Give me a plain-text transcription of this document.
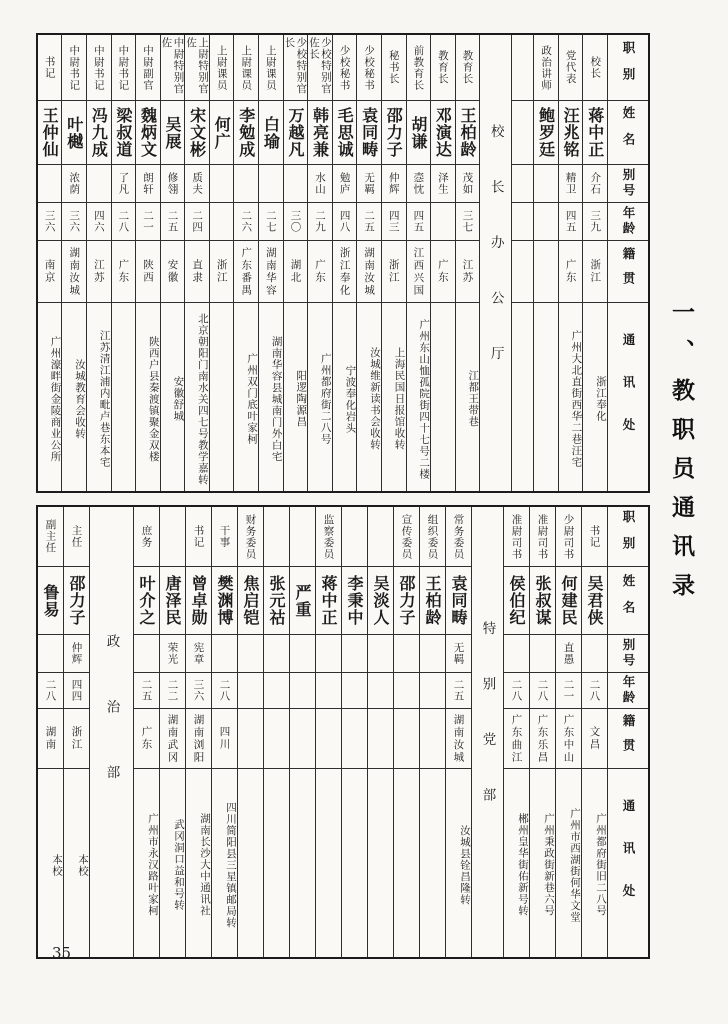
职别
姓名
别号
年龄
籍贯
通讯处
校长
蒋中正
介石
三九
浙江
浙江奉化
党代表
汪兆铭
精卫
四五
广东
广州大北直街西华二巷汪宅
政治讲师
鲍罗廷
校长办公厅
教育长
王柏龄
茂如
三七
江苏
江都王带巷
教育长
邓演达
泽生
广东
前教育长
胡谦
悫忱
四五
江西兴国
广州东山恤孤院街四十七号二楼
秘书长
邵力子
仲辉
四三
浙江
上海民国日报馆收转
少校秘书
袁同畴
无羁
二五
湖南汝城
汝城维新读书会收转
少校秘书
毛思诚
勉庐
四八
浙江奉化
宁波奉化岩头
少校特别官佐长
韩亮兼
水山
二九
广东
广州都府街二八号
少校特别官长
万越凡
三〇
湖北
阳逻陶源昌
上尉课员
白瑜
二七
湖南华容
湖南华容县城南门外白宅
上尉课员
李勉成
二六
广东番禺
广州双门底叶家柯
上尉课员
何广
浙江
上尉特别官佐
宋文彬
质夫
二四
直隶
北京朝阳门南水关四七号教学嘉转
中尉特别官佐
吴展
修翎
二五
安徽
安徽舒城
中尉副官
魏炳文
朗轩
二一
陕西
陕西户县秦渡镇聚金双楼
中尉书记
梁叔道
了凡
二八
广东
中尉书记
冯九成
四六
江苏
江苏清江浦内毗卢巷东本宅
中尉书记
叶樾
浓荫
三六
湖南汝城
汝城教育会收转
书记
王仲仙
三六
南京
广州濠畔街金陵商业公所
职别
姓名
别号
年龄
籍贯
通讯处
书记
吴君侠
二八
文昌
广州都府街旧二八号
少尉司书
何建民
直愚
二一
广东中山
广州市西湖街何华文堂
准尉司书
张叔谋
二八
广东乐昌
广州秉政街新巷六号
准尉司书
侯伯纪
二八
广东曲江
郴州皇华街佑新号转
特别党部
常务委员
袁同畴
无羁
二五
湖南汝城
汝城县铨昌隆转
组织委员
王柏龄
宣传委员
邵力子
吴淡人
李秉中
监察委员
蒋中正
严重
张元祜
财务委员
焦启铠
干事
樊渊博
二八
四川
四川简阳县三星镇邮局转
书记
曾卓勋
宪章
三六
湖南浏阳
湖南长沙大中通讯社
唐泽民
荣光
二二
湖南武冈
武冈洞口益和号转
庶务
叶介之
二五
广东
广州市永汉路叶家柯
政治部
主任
邵力子
仲辉
四四
浙江
本校
副主任
鲁易
二八
湖南
本校
一、教职员通讯录
35
